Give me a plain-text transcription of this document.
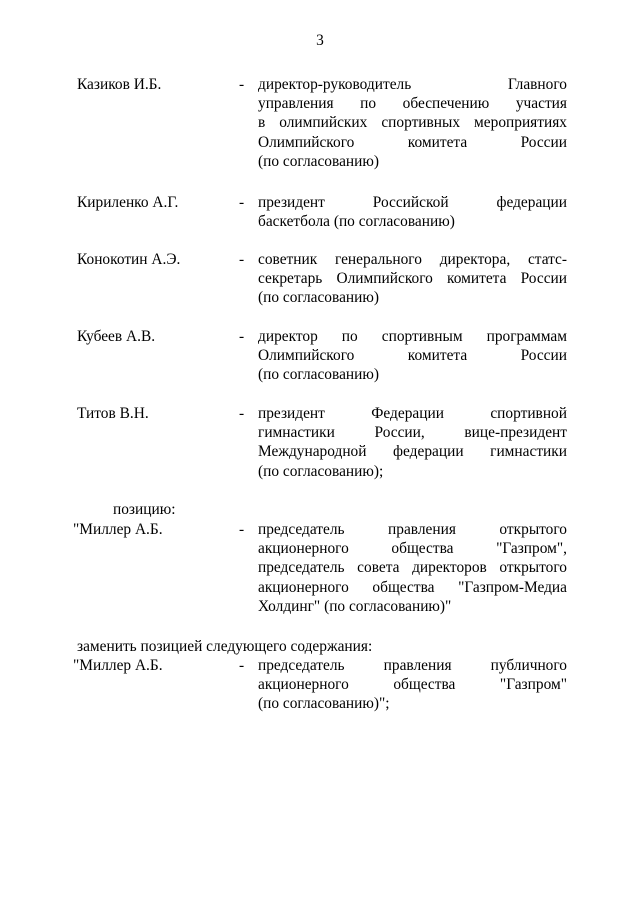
3
Казиков И.Б.	- директор-руководитель Главного
управления по обеспечению участия
в олимпийских спортивных мероприятиях
Олимпийского комитета России
(по согласованию)
Кириленко А.Г.	- президент Российской федерации
баскетбола (по согласованию)
Конокотин А.Э.	- советник генерального директора, статс-
секретарь Олимпийского комитета России
(по согласованию)
Кубеев А.В.	- директор по спортивным программам
Олимпийского комитета России
(по согласованию)
Титов В.Н.	- президент Федерации спортивной
гимнастики России, вице-президент
Международной федерации гимнастики
(по согласованию);
позицию:
"Миллер А.Б.	- председатель правления открытого
акционерного общества "Газпром",
председатель совета директоров открытого
акционерного общества "Газпром-Медиа
Холдинг" (по согласованию)"
заменить позицией следующего содержания:
"Миллер А.Б.	- председатель правления публичного
акционерного общества "Газпром"
(по согласованию)";
